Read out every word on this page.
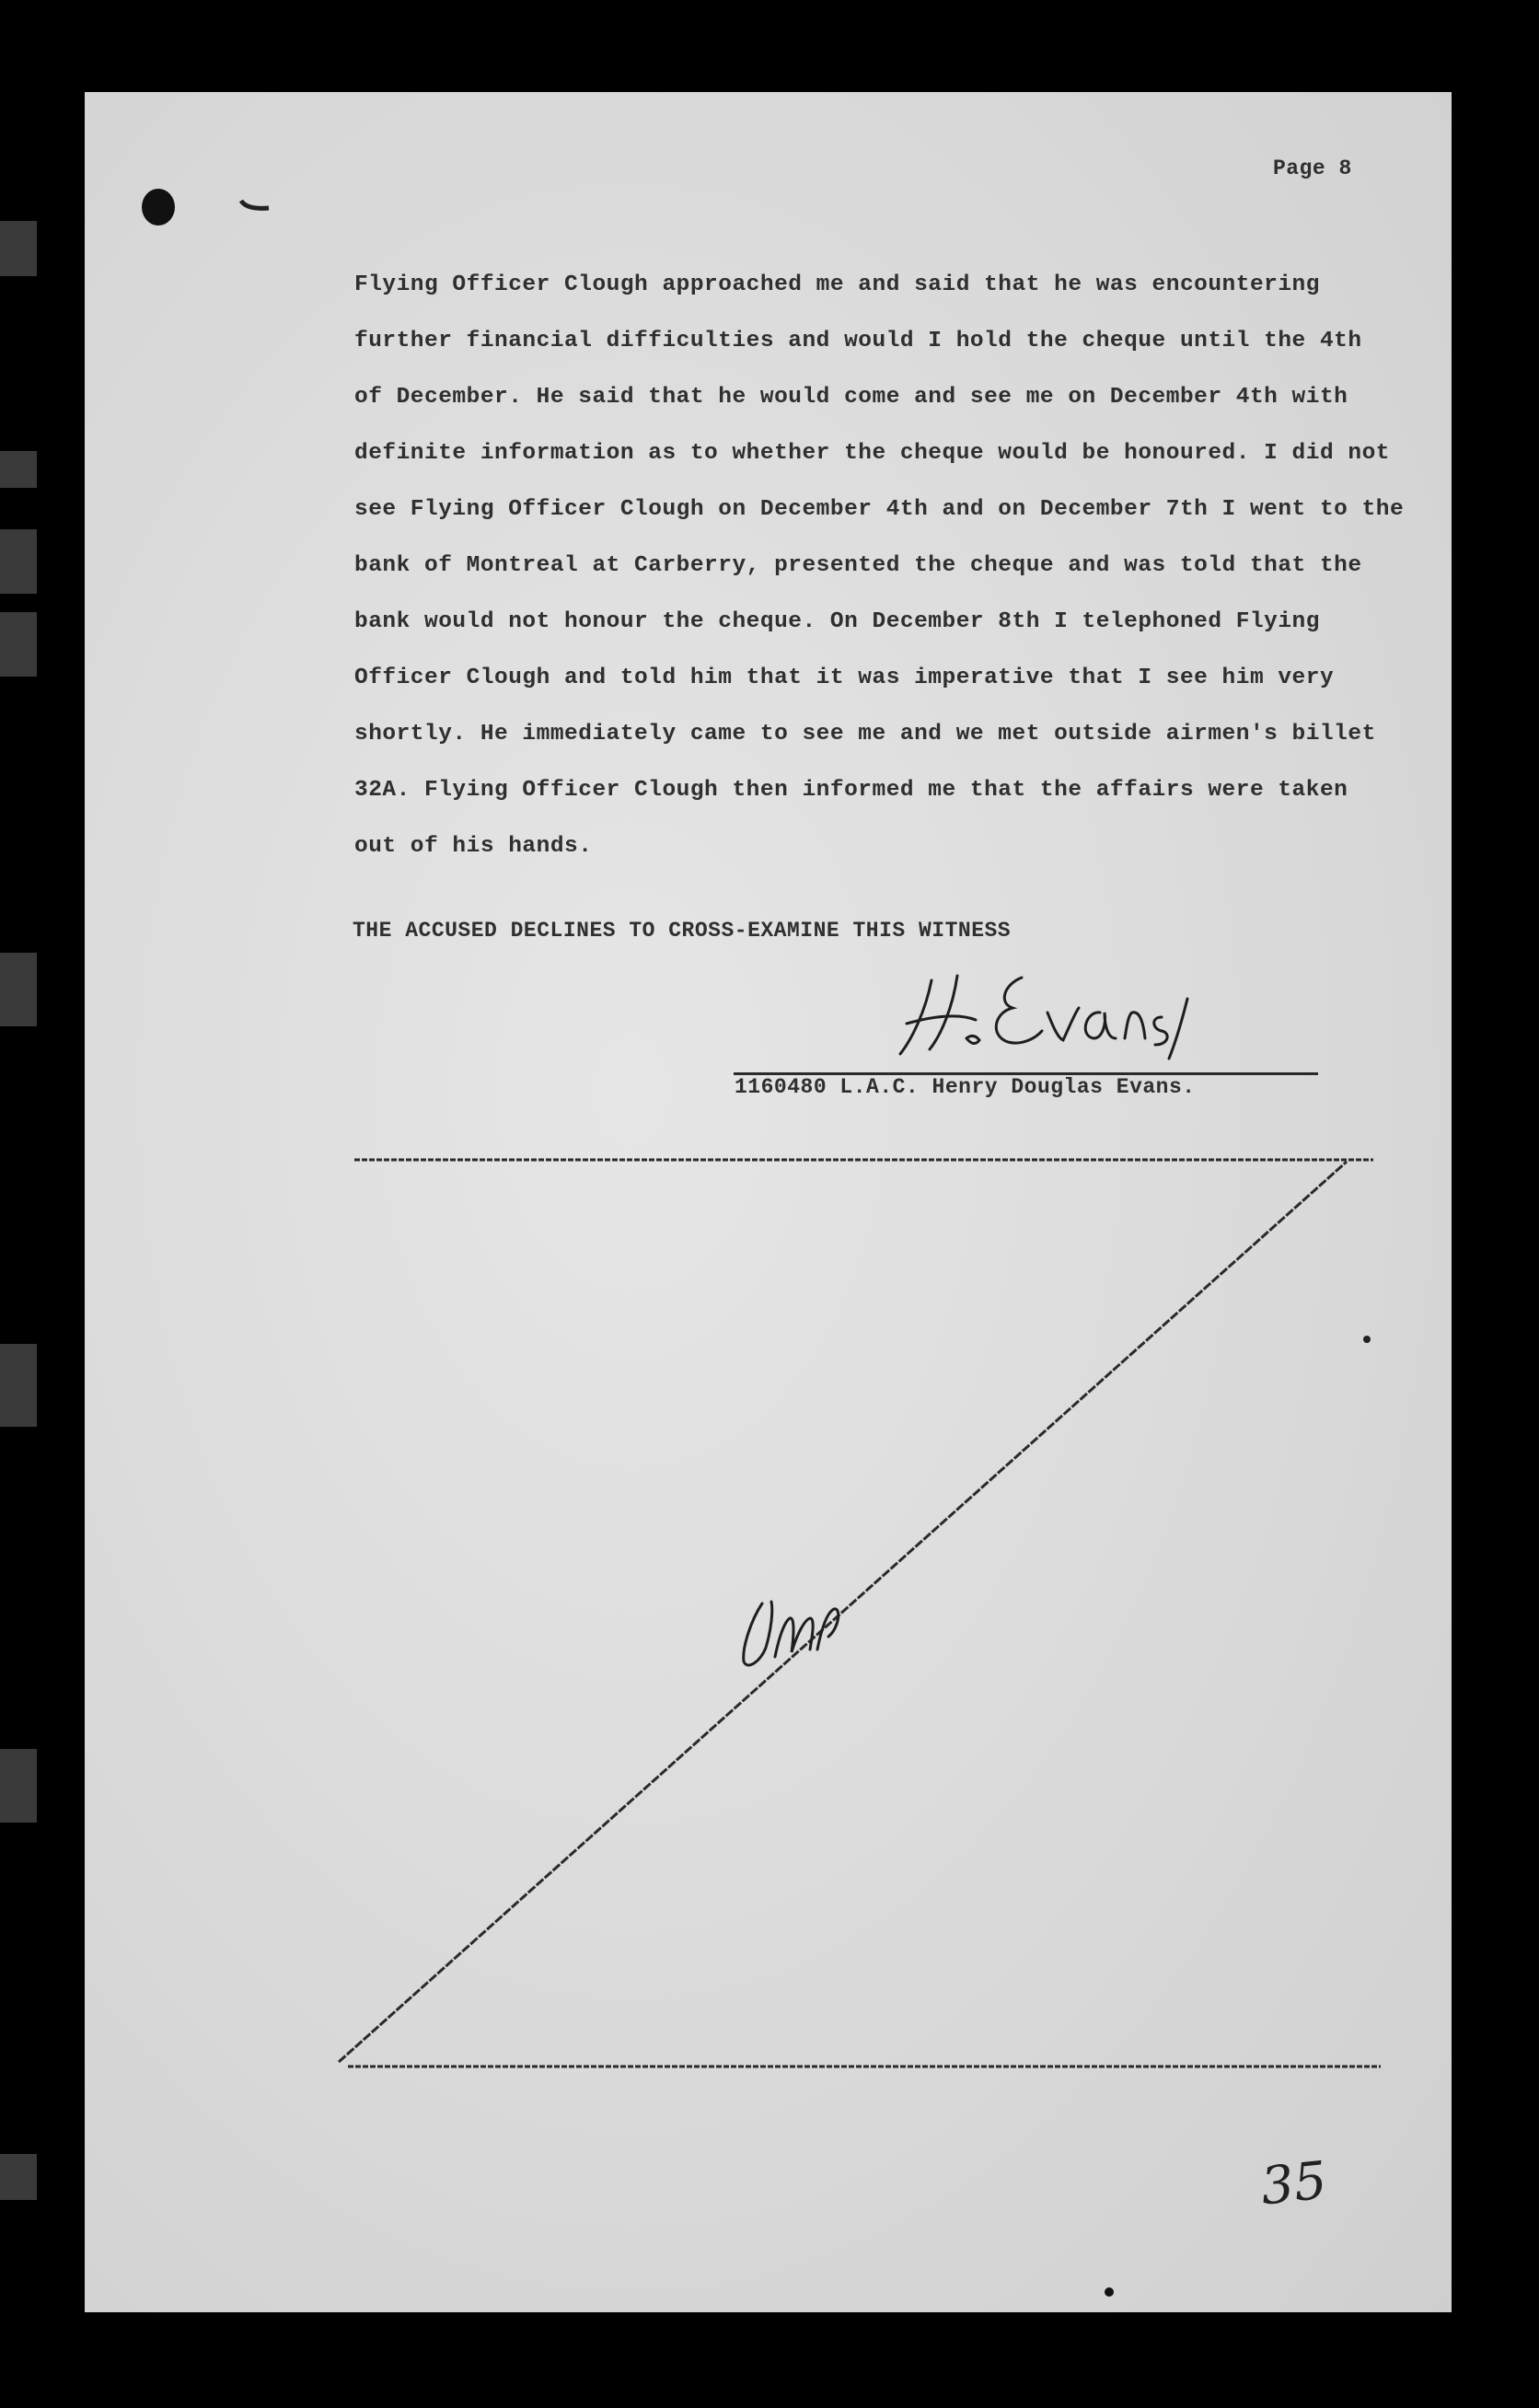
Page 8
Flying Officer Clough approached me and said that he was encountering
further financial difficulties and would I hold the cheque until the 4th
of December. He said that he would come and see me on December 4th with
definite information as to whether the cheque would be honoured. I did not
see Flying Officer Clough on December 4th and on December 7th I went to the
bank of Montreal at Carberry, presented the cheque and was told that the
bank would not honour the cheque. On December 8th I telephoned Flying
Officer Clough and told him that it was imperative that I see him very
shortly. He immediately came to see me and we met outside airmen's billet
32A. Flying Officer Clough then informed me that the affairs were taken
out of his hands.
THE ACCUSED DECLINES TO CROSS-EXAMINE THIS WITNESS
1160480 L.A.C. Henry Douglas Evans.
35
